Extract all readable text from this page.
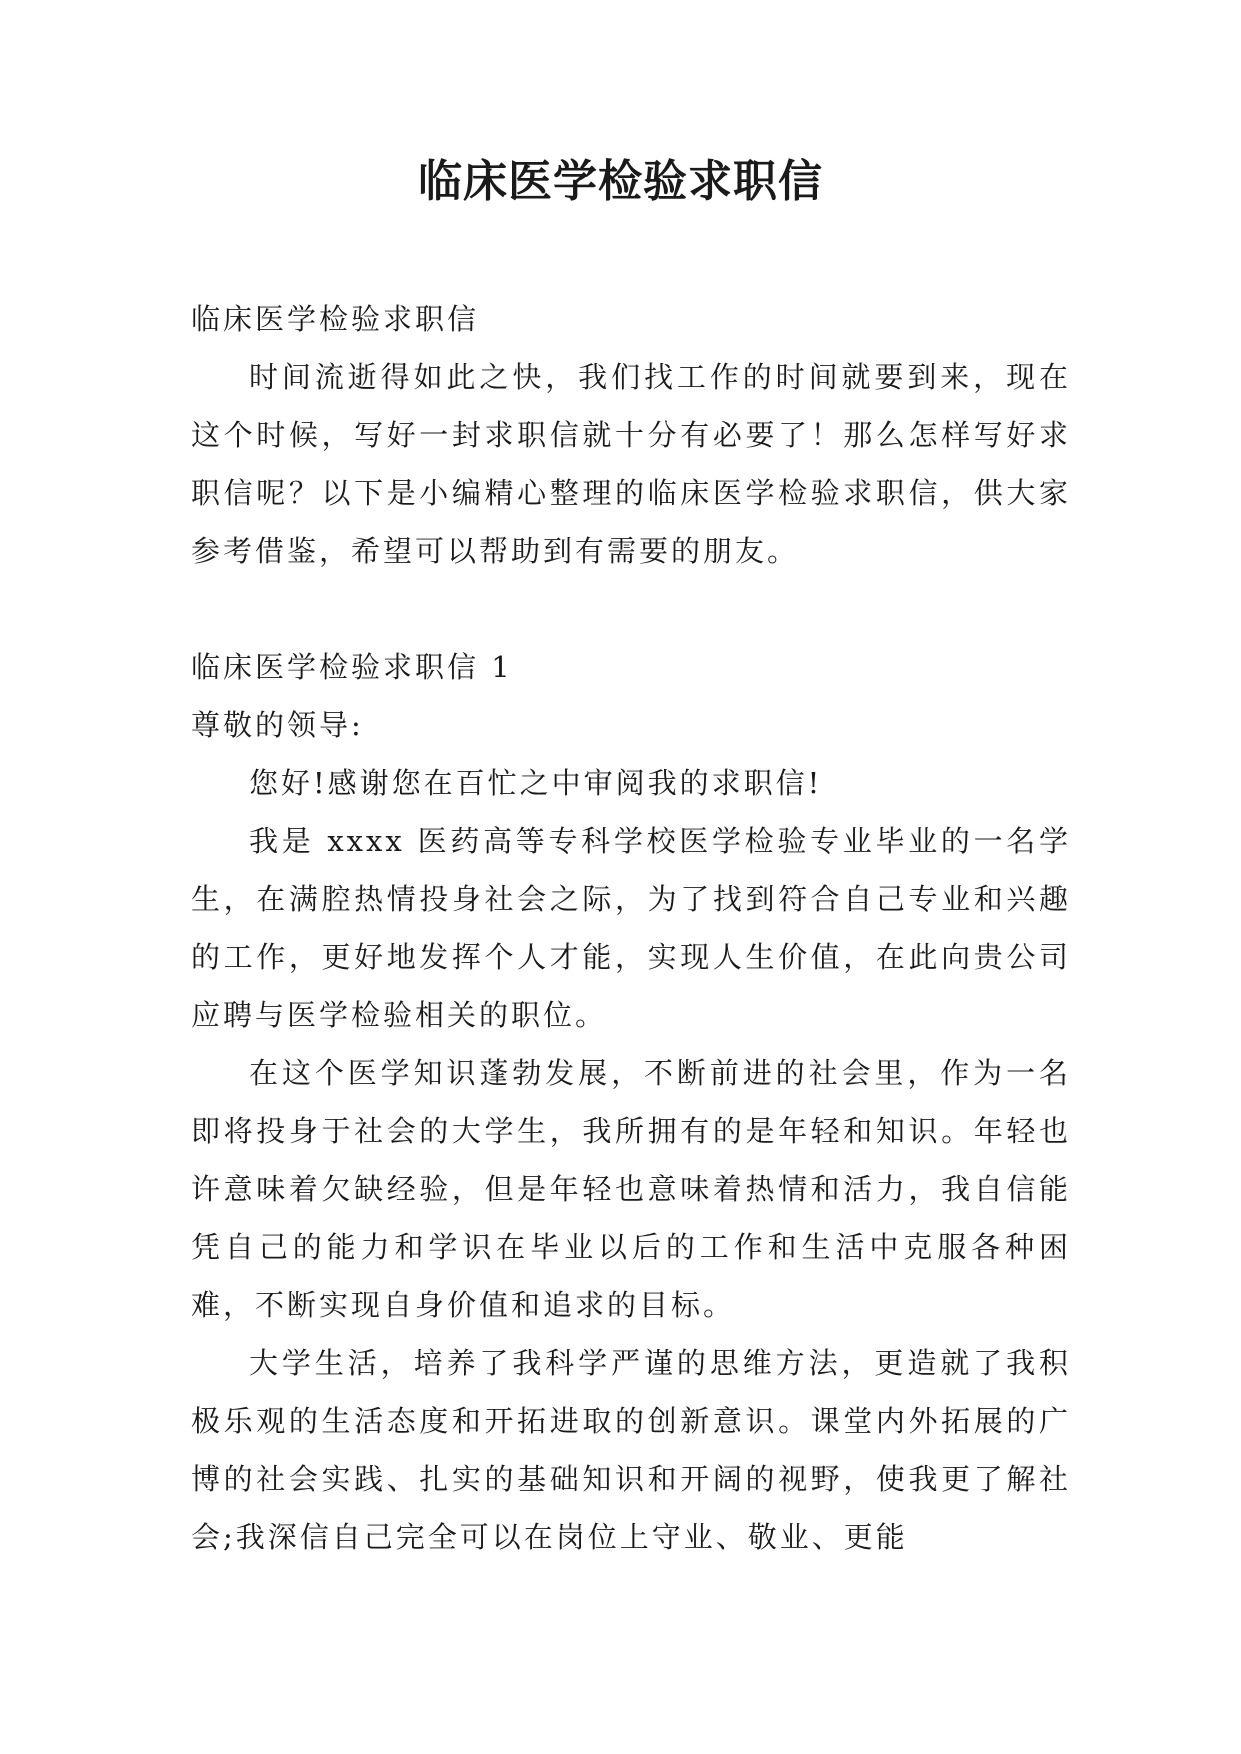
临床医学检验求职信

临床医学检验求职信

时间流逝得如此之快，我们找工作的时间就要到来，现在这个时候，写好一封求职信就十分有必要了！那么怎样写好求职信呢？以下是小编精心整理的临床医学检验求职信，供大家参考借鉴，希望可以帮助到有需要的朋友。

临床医学检验求职信 1

尊敬的领导:

您好!感谢您在百忙之中审阅我的求职信!

我是 xxxx 医药高等专科学校医学检验专业毕业的一名学生，在满腔热情投身社会之际，为了找到符合自己专业和兴趣的工作，更好地发挥个人才能，实现人生价值，在此向贵公司应聘与医学检验相关的职位。

在这个医学知识蓬勃发展，不断前进的社会里，作为一名即将投身于社会的大学生，我所拥有的是年轻和知识。年轻也许意味着欠缺经验，但是年轻也意味着热情和活力，我自信能凭自己的能力和学识在毕业以后的工作和生活中克服各种困难，不断实现自身价值和追求的目标。

大学生活，培养了我科学严谨的思维方法，更造就了我积极乐观的生活态度和开拓进取的创新意识。课堂内外拓展的广博的社会实践、扎实的基础知识和开阔的视野，使我更了解社会;我深信自己完全可以在岗位上守业、敬业、更能
